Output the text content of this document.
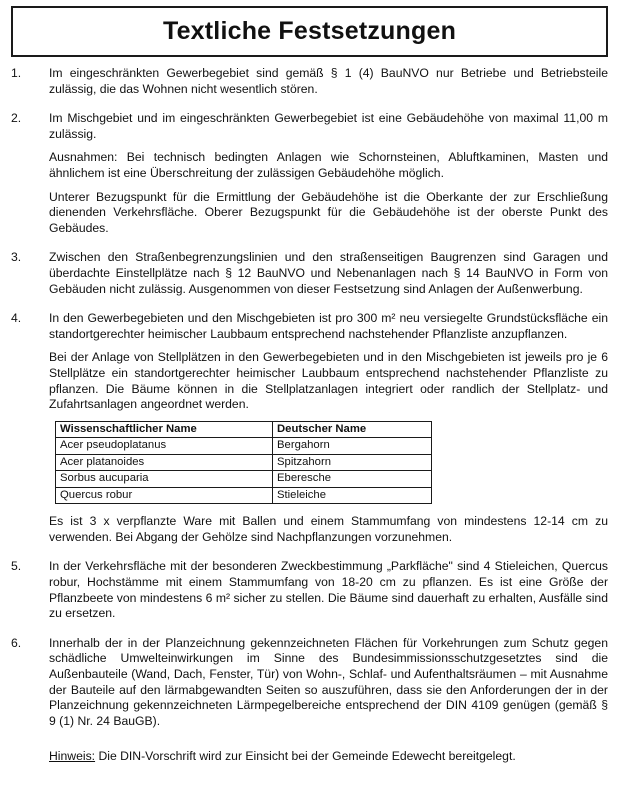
Textliche Festsetzungen
1.	Im eingeschränkten Gewerbegebiet sind gemäß § 1 (4) BauNVO nur Betriebe und Betriebsteile zulässig, die das Wohnen nicht wesentlich stören.

2.	Im Mischgebiet und im eingeschränkten Gewerbegebiet ist eine Gebäudehöhe von maximal 11,00 m zulässig.

Ausnahmen: Bei technisch bedingten Anlagen wie Schornsteinen, Abluftkaminen, Masten und ähnlichem ist eine Überschreitung der zulässigen Gebäudehöhe möglich.

Unterer Bezugspunkt für die Ermittlung der Gebäudehöhe ist die Oberkante der zur Erschließung dienenden Verkehrsfläche. Oberer Bezugspunkt für die Gebäudehöhe ist der oberste Punkt des Gebäudes.

3.	Zwischen den Straßenbegrenzungslinien und den straßenseitigen Baugrenzen sind Garagen und überdachte Einstellplätze nach § 12 BauNVO und Nebenanlagen nach § 14 BauNVO in Form von Gebäuden nicht zulässig. Ausgenommen von dieser Festsetzung sind Anlagen der Außenwerbung.

4.	In den Gewerbegebieten und den Mischgebieten ist pro 300 m² neu versiegelte Grundstücksfläche ein standortgerechter heimischer Laubbaum entsprechend nachstehender Pflanzliste anzupflanzen.

Bei der Anlage von Stellplätzen in den Gewerbegebieten und in den Mischgebieten ist jeweils pro je 6 Stellplätze ein standortgerechter heimischer Laubbaum entsprechend nachstehender Pflanzliste zu pflanzen. Die Bäume können in die Stellplatzanlagen integriert oder randlich der Stellplatz- und Zufahrtsanlagen angeordnet werden.

Wissenschaftlicher Name	Deutscher Name
Acer pseudoplatanus	Bergahorn
Acer platanoides	Spitzahorn
Sorbus aucuparia	Eberesche
Quercus robur	Stieleiche

Es ist 3 x verpflanzte Ware mit Ballen und einem Stammumfang von mindestens 12-14 cm zu verwenden. Bei Abgang der Gehölze sind Nachpflanzungen vorzunehmen.

5.	In der Verkehrsfläche mit der besonderen Zweckbestimmung „Parkfläche" sind 4 Stieleichen, Quercus robur, Hochstämme mit einem Stammumfang von 18-20 cm zu pflanzen. Es ist eine Größe der Pflanzbeete von mindestens 6 m² sicher zu stellen. Die Bäume sind dauerhaft zu erhalten, Ausfälle sind zu ersetzen.

6.	Innerhalb der in der Planzeichnung gekennzeichneten Flächen für Vorkehrungen zum Schutz gegen schädliche Umwelteinwirkungen im Sinne des Bundesimmissionsschutzgesetztes sind die Außenbauteile (Wand, Dach, Fenster, Tür) von Wohn-, Schlaf- und Aufenthaltsräumen – mit Ausnahme der Bauteile auf den lärmabgewandten Seiten so auszuführen, dass sie den Anforderungen der in der Planzeichnung gekennzeichneten Lärmpegelbereiche entsprechend der DIN 4109 genügen (gemäß § 9 (1) Nr. 24 BauGB).

Hinweis: Die DIN-Vorschrift wird zur Einsicht bei der Gemeinde Edewecht bereitgelegt.
